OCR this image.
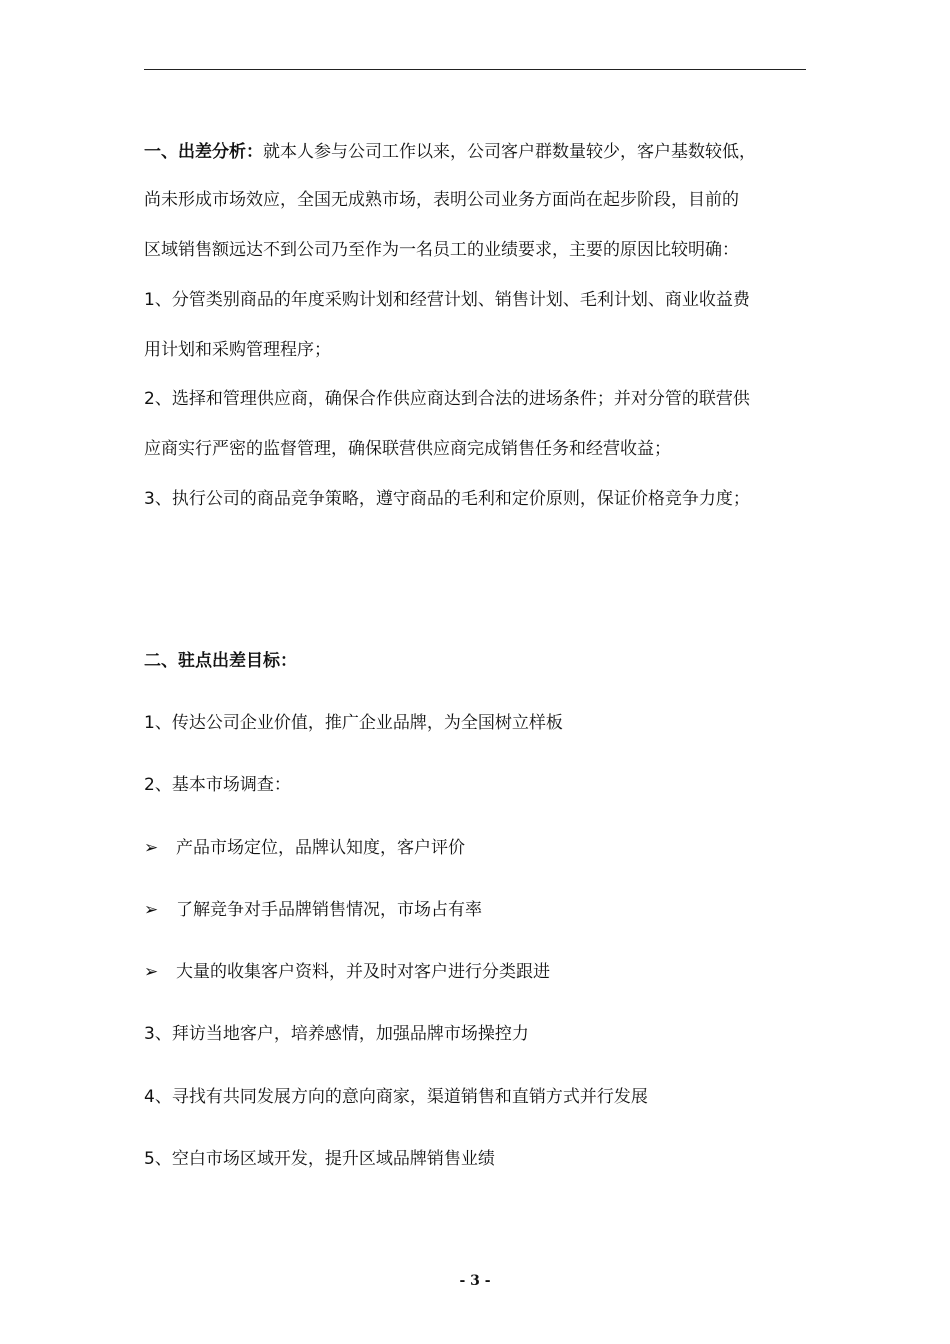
一、出差分析：就本人参与公司工作以来，公司客户群数量较少，客户基数较低，
尚未形成市场效应，全国无成熟市场，表明公司业务方面尚在起步阶段，目前的
区域销售额远达不到公司乃至作为一名员工的业绩要求，主要的原因比较明确：
1、分管类别商品的年度采购计划和经营计划、销售计划、毛利计划、商业收益费
用计划和采购管理程序；
2、选择和管理供应商，确保合作供应商达到合法的进场条件；并对分管的联营供
应商实行严密的监督管理，确保联营供应商完成销售任务和经营收益；
3、执行公司的商品竞争策略，遵守商品的毛利和定价原则，保证价格竞争力度；
二、驻点出差目标：
1、传达公司企业价值，推广企业品牌，为全国树立样板
2、基本市场调查：
➢ 产品市场定位，品牌认知度，客户评价
➢ 了解竞争对手品牌销售情况，市场占有率
➢ 大量的收集客户资料，并及时对客户进行分类跟进
3、拜访当地客户，培养感情，加强品牌市场操控力
4、寻找有共同发展方向的意向商家，渠道销售和直销方式并行发展
5、空白市场区域开发，提升区域品牌销售业绩
- 3 -
